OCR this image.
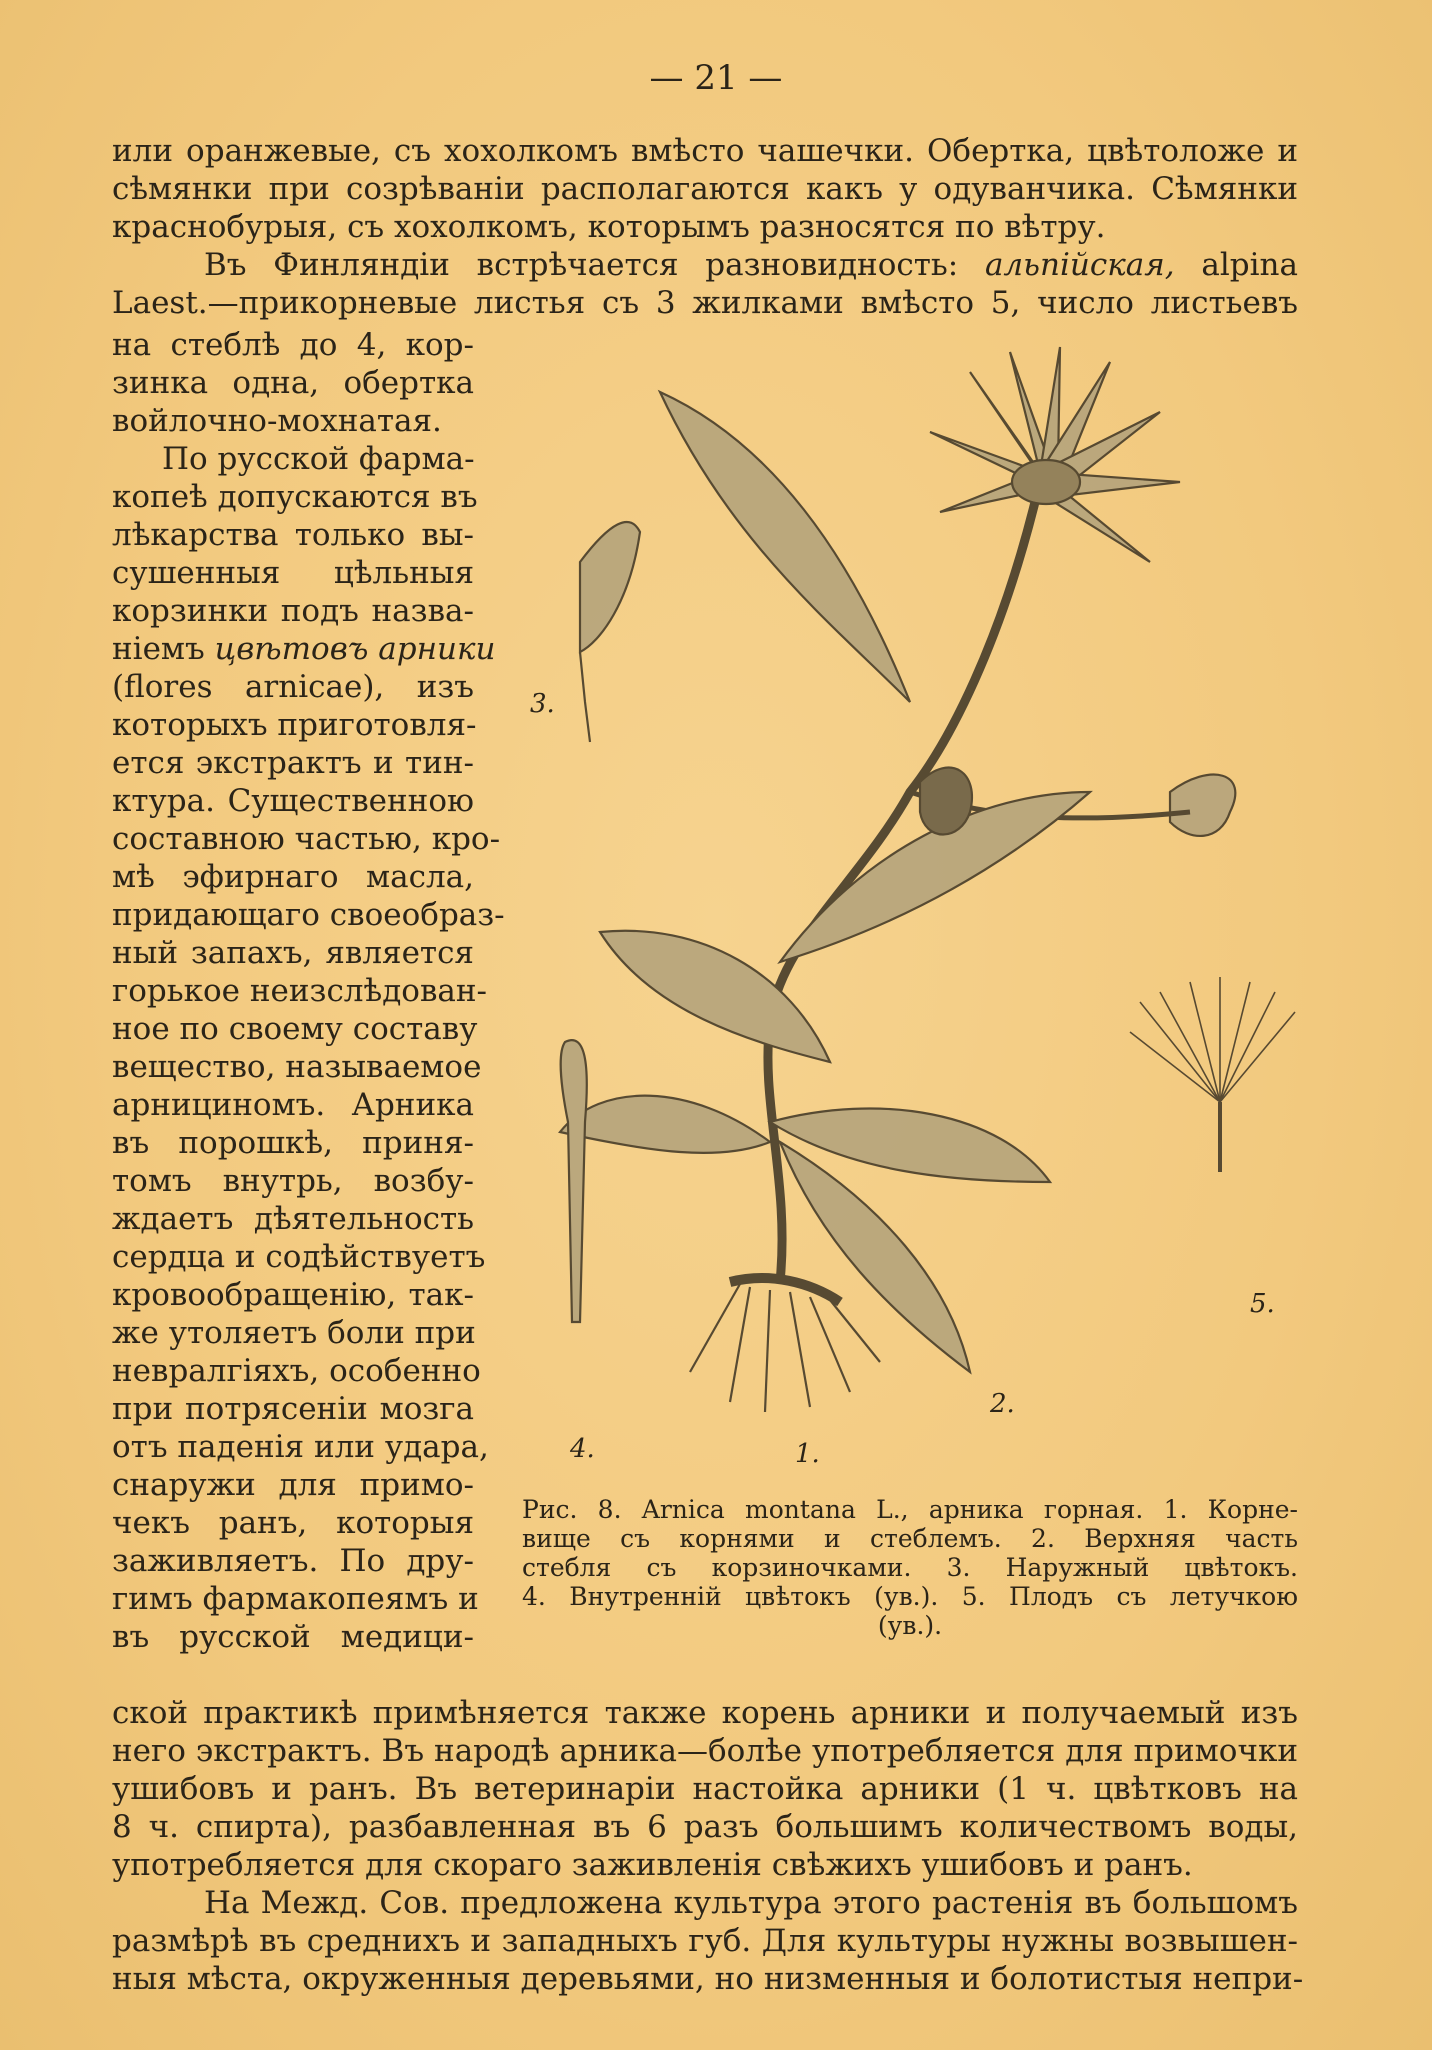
— 21 —
или оранжевые, съ хохолкомъ вмѣсто чашечки. Обертка, цвѣтоложе и
сѣмянки при созрѣваніи располагаются какъ у одуванчика. Сѣмянки
краснобурыя, съ хохолкомъ, которымъ разносятся по вѣтру.
Въ Финляндіи встрѣчается разновидность: альпійская, alpina
Laest.—прикорневые листья съ 3 жилками вмѣсто 5, число листьевъ
на стеблѣ до 4, кор-
зинка одна, обертка
войлочно-мохнатая.
По русской фарма-
копеѣ допускаются въ
лѣкарства только вы-
сушенныя цѣльныя
корзинки подъ назва-
ніемъ цвѣтовъ арники
(flores arnicae), изъ
которыхъ приготовля-
ется экстрактъ и тин-
ктура. Существенною
составною частью, кро-
мѣ эфирнаго масла,
придающаго своеобраз-
ный запахъ, является
горькое неизслѣдован-
ное по своему составу
вещество, называемое
арнициномъ. Арника
въ порошкѣ, приня-
томъ внутрь, возбу-
ждаетъ дѣятельность
сердца и содѣйствуетъ
кровообращенію, так-
же утоляетъ боли при
невралгіяхъ, особенно
при потрясеніи мозга
отъ паденія или удара,
снаружи для примо-
чекъ ранъ, которыя
заживляетъ. По дру-
гимъ фармакопеямъ и
въ русской медици-
3.
4.	1.
2.
5.
Рис. 8. Arnica montana L., арника горная. 1. Корне-
вище съ корнями и стеблемъ. 2. Верхняя часть
стебля съ корзиночками. 3. Наружный цвѣтокъ.
4. Внутренній цвѣтокъ (ув.). 5. Плодъ съ летучкою
(ув.).
ской практикѣ примѣняется также корень арники и получаемый изъ
него экстрактъ. Въ народѣ арника—болѣе употребляется для примочки
ушибовъ и ранъ. Въ ветеринаріи настойка арники (1 ч. цвѣтковъ на
8 ч. спирта), разбавленная въ 6 разъ большимъ количествомъ воды,
употребляется для скораго заживленія свѣжихъ ушибовъ и ранъ.
На Межд. Сов. предложена культура этого растенія въ большомъ
размѣрѣ въ среднихъ и западныхъ губ. Для культуры нужны возвышен-
ныя мѣста, окруженныя деревьями, но низменныя и болотистыя непри-
